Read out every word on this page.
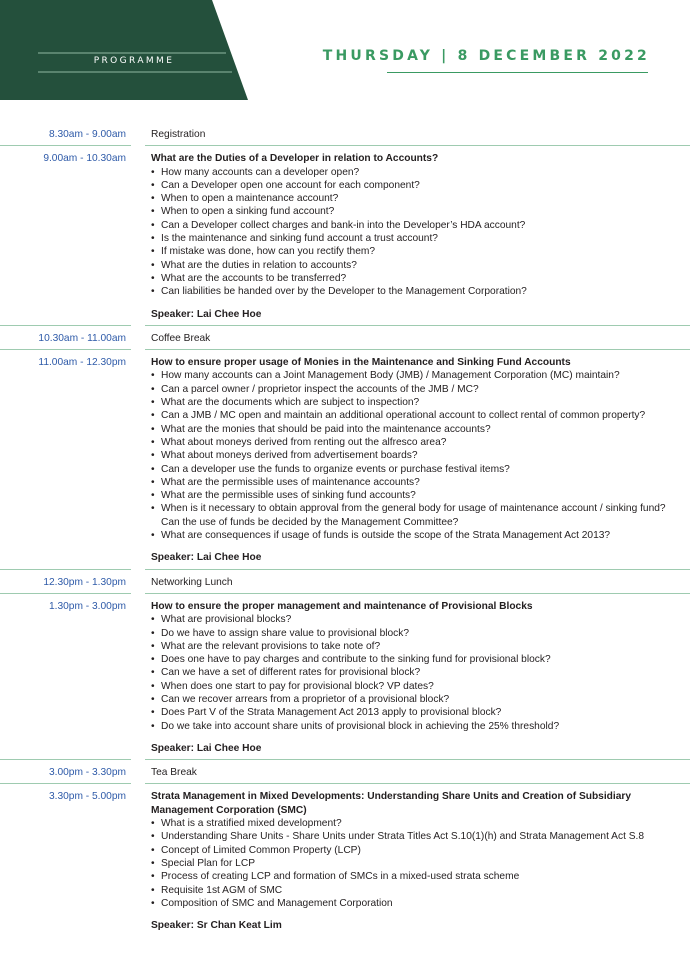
PROGRAMME	THURSDAY | 8 DECEMBER 2022
8.30am - 9.00am Registration
9.00am - 10.30am What are the Duties of a Developer in relation to Accounts?
• How many accounts can a developer open?
• Can a Developer open one account for each component?
• When to open a maintenance account?
• When to open a sinking fund account?
• Can a Developer collect charges and bank-in into the Developer’s HDA account?
• Is the maintenance and sinking fund account a trust account?
• If mistake was done, how can you rectify them?
• What are the duties in relation to accounts?
• What are the accounts to be transferred?
• Can liabilities be handed over by the Developer to the Management Corporation?
Speaker: Lai Chee Hoe
10.30am - 11.00am Coffee Break
11.00am - 12.30pm How to ensure proper usage of Monies in the Maintenance and Sinking Fund Accounts
• How many accounts can a Joint Management Body (JMB) / Management Corporation (MC) maintain?
• Can a parcel owner / proprietor inspect the accounts of the JMB / MC?
• What are the documents which are subject to inspection?
• Can a JMB / MC open and maintain an additional operational account to collect rental of common property?
• What are the monies that should be paid into the maintenance accounts?
• What about moneys derived from renting out the alfresco area?
• What about moneys derived from advertisement boards?
• Can a developer use the funds to organize events or purchase festival items?
• What are the permissible uses of maintenance accounts?
• What are the permissible uses of sinking fund accounts?
• When is it necessary to obtain approval from the general body for usage of maintenance account / sinking fund? Can the use of funds be decided by the Management Committee?
• What are consequences if usage of funds is outside the scope of the Strata Management Act 2013?
Speaker: Lai Chee Hoe
12.30pm - 1.30pm Networking Lunch
1.30pm - 3.00pm How to ensure the proper management and maintenance of Provisional Blocks
• What are provisional blocks?
• Do we have to assign share value to provisional block?
• What are the relevant provisions to take note of?
• Does one have to pay charges and contribute to the sinking fund for provisional block?
• Can we have a set of different rates for provisional block?
• When does one start to pay for provisional block? VP dates?
• Can we recover arrears from a proprietor of a provisional block?
• Does Part V of the Strata Management Act 2013 apply to provisional block?
• Do we take into account share units of provisional block in achieving the 25% threshold?
Speaker: Lai Chee Hoe
3.00pm - 3.30pm Tea Break
3.30pm - 5.00pm Strata Management in Mixed Developments: Understanding Share Units and Creation of Subsidiary Management Corporation (SMC)
• What is a stratified mixed development?
• Understanding Share Units - Share Units under Strata Titles Act S.10(1)(h) and Strata Management Act S.8
• Concept of Limited Common Property (LCP)
• Special Plan for LCP
• Process of creating LCP and formation of SMCs in a mixed-used strata scheme
• Requisite 1st AGM of SMC
• Composition of SMC and Management Corporation
Speaker: Sr Chan Keat Lim
